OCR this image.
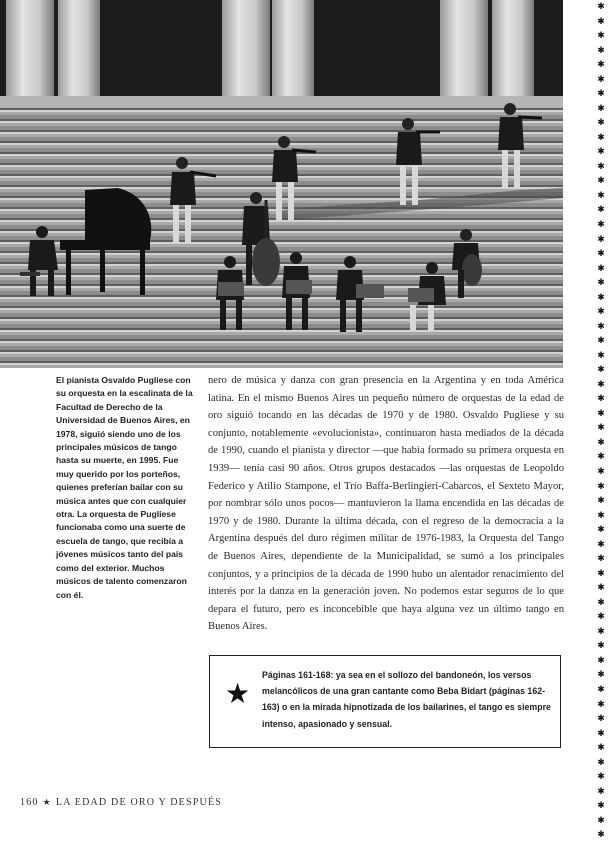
✱
✱
✱
✱
✱
✱
✱
✱
✱
✱
✱
✱
✱
✱
✱
✱
✱
✱
✱
✱
✱
✱
✱
✱
✱
✱
✱
✱
✱
✱
✱
✱
✱
✱
✱
✱
✱
✱
✱
✱
✱
✱
✱
✱
✱
✱
✱
✱
✱
✱
✱
✱
✱
✱
✱
✱
✱
✱

El pianista Osvaldo Pugliese con su orquesta en la escalinata de la Facultad de Derecho de la Universidad de Buenos Aires, en 1978, siguió siendo uno de los principales músicos de tango hasta su muerte, en 1995. Fue muy querido por los porteños, quienes preferían bailar con su música antes que con cualquier otra. La orquesta de Pugliese funcionaba como una suerte de escuela de tango, que recibía a jóvenes músicos tanto del país como del exterior. Muchos músicos de talento comenzaron con él.

nero de música y danza con gran presencia en la Argentina y en toda América latina. En el mismo Buenos Aires un pequeño número de orquestas de la edad de oro siguió tocando en las décadas de 1970 y de 1980. Osvaldo Pugliese y su conjunto, notablemente «evolucionista», continuaron hasta mediados de la década de 1990, cuando el pianista y director —que había formado su primera orquesta en 1939— tenía casi 90 años. Otros grupos destacados —las orquestas de Leopoldo Federico y Atilio Stampone, el Trío Baffa-Berlingieri-Cabarcos, el Sexteto Mayor, por nombrar sólo unos pocos— mantuvieron la llama encendida en las décadas de 1970 y de 1980. Durante la última década, con el regreso de la democracia a la Argentina después del duro régimen militar de 1976-1983, la Orquesta del Tango de Buenos Aires, dependiente de la Municipalidad, se sumó a los principales conjuntos, y a principios de la década de 1990 hubo un alentador renacimiento del interés por la danza en la generación joven. No podemos estar seguros de lo que depara el futuro, pero es inconcebible que haya alguna vez un último tango en Buenos Aires.

★

Páginas 161-168: ya sea en el sollozo del bandoneón, los versos melancólicos de una gran cantante como Beba Bidart (páginas 162-163) o en la mirada hipnotizada de los bailarines, el tango es siempre intenso, apasionado y sensual.

160 ★ LA EDAD DE ORO Y DESPUÉS
